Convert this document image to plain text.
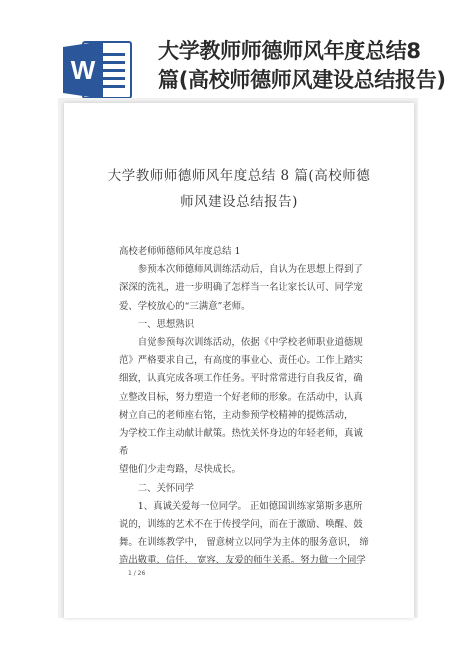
W
大学教师师德师风年度总结8
篇(高校师德师风建设总结报告)
大学教师师德师风年度总结 8 篇(高校师德
师风建设总结报告)

高校老师师德师风年度总结 1

参预本次师德师风训练活动后，自认为在思想上得到了

深深的洗礼，进一步明确了怎样当一名让家长认可、同学宠

爱、学校放心的“三满意”老师。

一、思想熟识

自觉参预每次训练活动，依据《中学校老师职业道德规

范》严格要求自己，有高度的事业心、责任心。工作上踏实

细致，认真完成各项工作任务。平时常常进行自我反省，确

立整改目标，努力塑造一个好老师的形象。在活动中，认真

树立自己的老师座右铭，主动参预学校精神的提炼活动，

为学校工作主动献计献策。热忱关怀身边的年轻老师，真诚希

望他们少走弯路，尽快成长。

二、关怀同学

1、真诚关爱每一位同学。 正如德国训练家第斯多惠所

说的，训练的艺术不在于传授学问，而在于激励、唤醒、鼓

舞。在训练教学中， 留意树立以同学为主体的服务意识， 缔

造出敬重、信任、 宽容、友爱的师生关系。努力做一个同学

1 / 26
